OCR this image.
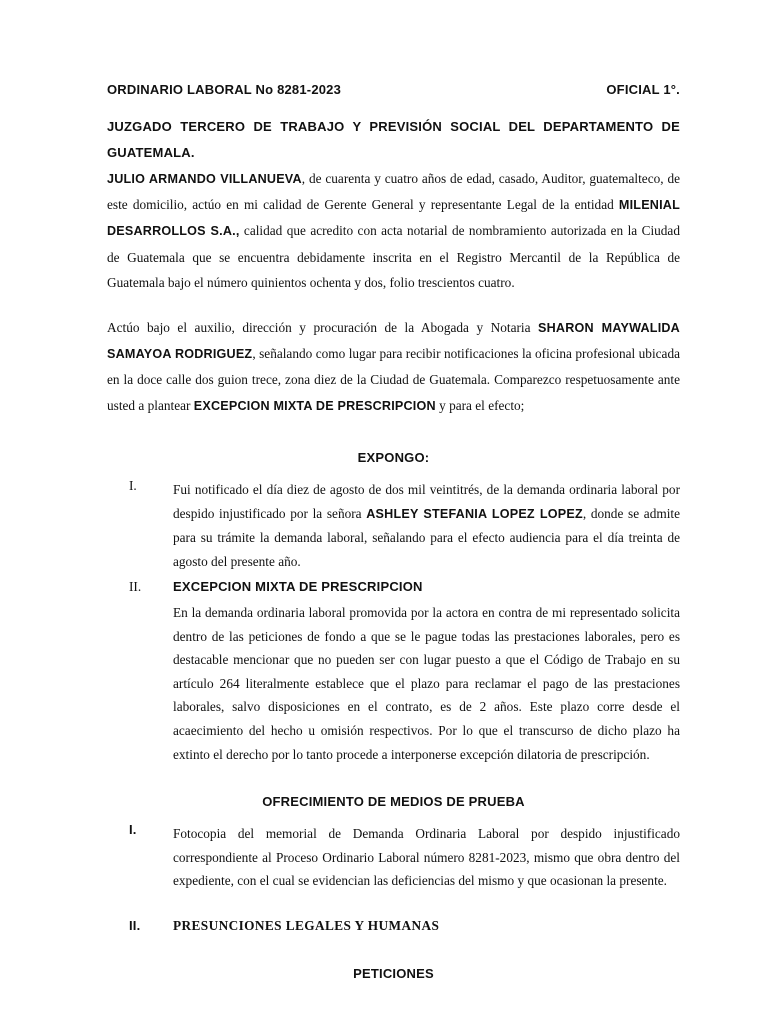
ORDINARIO LABORAL No 8281-2023	OFICIAL 1°.
JUZGADO TERCERO DE TRABAJO Y PREVISIÓN SOCIAL DEL DEPARTAMENTO DE GUATEMALA.

JULIO ARMANDO VILLANUEVA, de cuarenta y cuatro años de edad, casado, Auditor, guatemalteco, de este domicilio, actúo en mi calidad de Gerente General y representante Legal de la entidad MILENIAL DESARROLLOS S.A., calidad que acredito con acta notarial de nombramiento autorizada en la Ciudad de Guatemala que se encuentra debidamente inscrita en el Registro Mercantil de la República de Guatemala bajo el número quinientos ochenta y dos, folio trescientos cuatro.

Actúo bajo el auxilio, dirección y procuración de la Abogada y Notaria SHARON MAYWALIDA SAMAYOA RODRIGUEZ, señalando como lugar para recibir notificaciones la oficina profesional ubicada en la doce calle dos guion trece, zona diez de la Ciudad de Guatemala. Comparezco respetuosamente ante usted a plantear EXCEPCION MIXTA DE PRESCRIPCION y para el efecto;

EXPONGO:
I.	Fui notificado el día diez de agosto de dos mil veintitrés, de la demanda ordinaria laboral por despido injustificado por la señora ASHLEY STEFANIA LOPEZ LOPEZ, donde se admite para su trámite la demanda laboral, señalando para el efecto audiencia para el día treinta de agosto del presente año.

II. EXCEPCION MIXTA DE PRESCRIPCION

En la demanda ordinaria laboral promovida por la actora en contra de mi representado solicita dentro de las peticiones de fondo a que se le pague todas las prestaciones laborales, pero es destacable mencionar que no pueden ser con lugar puesto a que el Código de Trabajo en su artículo 264 literalmente establece que el plazo para reclamar el pago de las prestaciones laborales, salvo disposiciones en el contrato, es de 2 años. Este plazo corre desde el acaecimiento del hecho u omisión respectivos. Por lo que el transcurso de dicho plazo ha extinto el derecho por lo tanto procede a interponerse excepción dilatoria de prescripción.

OFRECIMIENTO DE MEDIOS DE PRUEBA
I.	Fotocopia del memorial de Demanda Ordinaria Laboral por despido injustificado correspondiente al Proceso Ordinario Laboral número 8281-2023, mismo que obra dentro del expediente, con el cual se evidencian las deficiencias del mismo y que ocasionan la presente.

II. PRESUNCIONES LEGALES Y HUMANAS
PETICIONES
